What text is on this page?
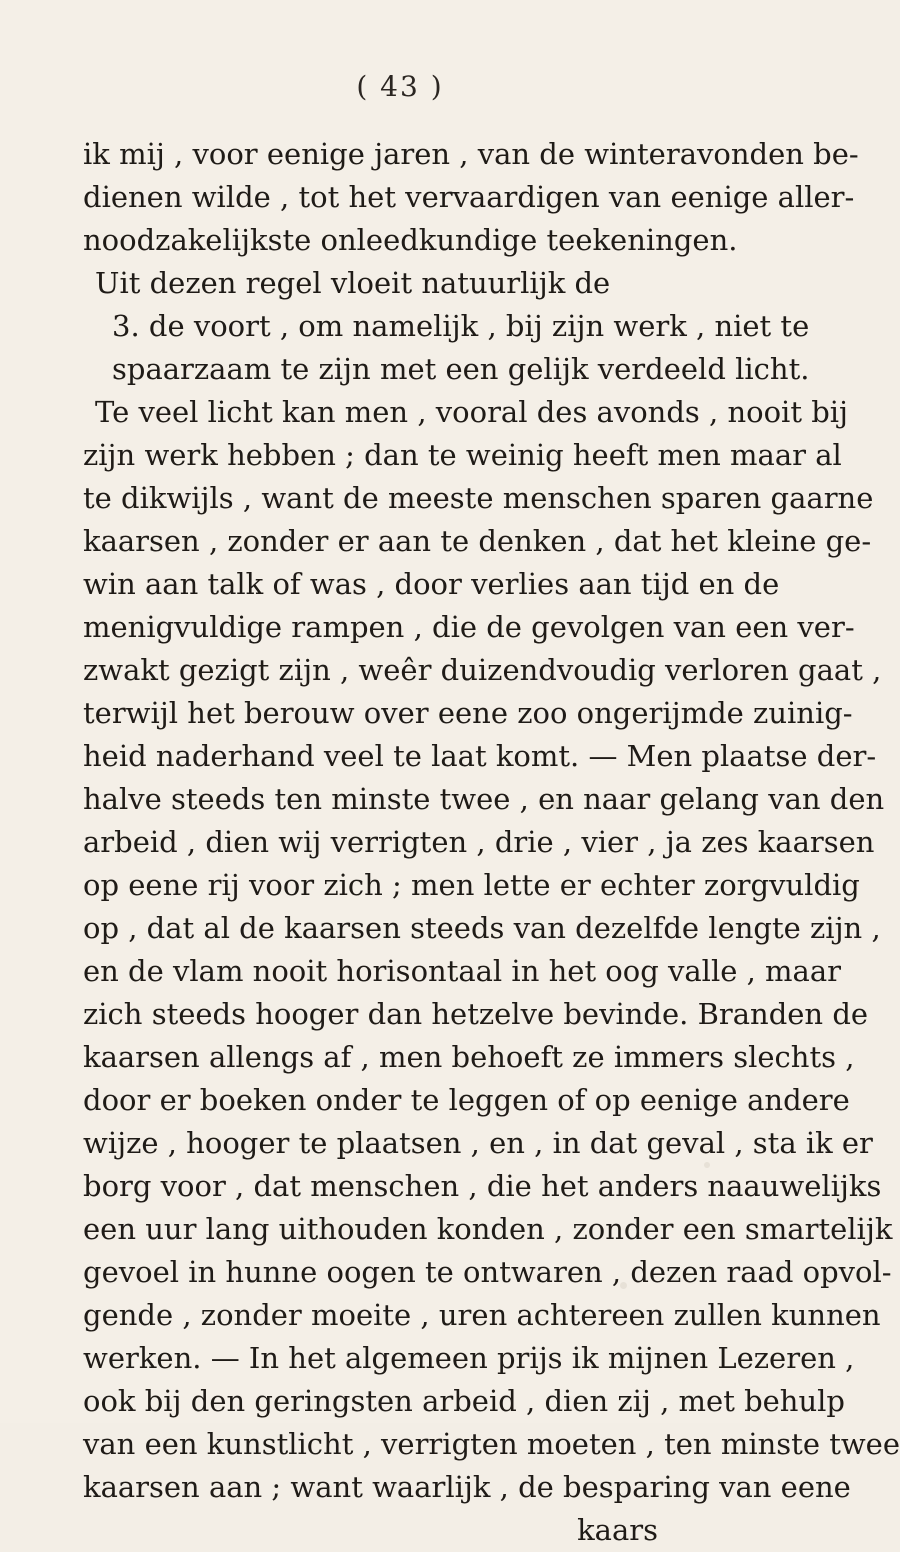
( 43 )
ik mij , voor eenige jaren , van de winteravonden be-
dienen wilde , tot het vervaardigen van eenige aller-
noodzakelijkste onleedkundige teekeningen.
Uit dezen regel vloeit natuurlijk de
3. de voort , om namelijk , bij zijn werk , niet te
spaarzaam te zijn met een gelijk verdeeld licht.
Te veel licht kan men , vooral des avonds , nooit bij
zijn werk hebben ; dan te weinig heeft men maar al
te dikwijls , want de meeste menschen sparen gaarne
kaarsen , zonder er aan te denken , dat het kleine ge-
win aan talk of was , door verlies aan tijd en de
menigvuldige rampen , die de gevolgen van een ver-
zwakt gezigt zijn , weêr duizendvoudig verloren gaat ,
terwijl het berouw over eene zoo ongerijmde zuinig-
heid naderhand veel te laat komt. — Men plaatse der-
halve steeds ten minste twee , en naar gelang van den
arbeid , dien wij verrigten , drie , vier , ja zes kaarsen
op eene rij voor zich ; men lette er echter zorgvuldig
op , dat al de kaarsen steeds van dezelfde lengte zijn ,
en de vlam nooit horisontaal in het oog valle , maar
zich steeds hooger dan hetzelve bevinde. Branden de
kaarsen allengs af , men behoeft ze immers slechts ,
door er boeken onder te leggen of op eenige andere
wijze , hooger te plaatsen , en , in dat geval , sta ik er
borg voor , dat menschen , die het anders naauwelijks
een uur lang uithouden konden , zonder een smartelijk
gevoel in hunne oogen te ontwaren , dezen raad opvol-
gende , zonder moeite , uren achtereen zullen kunnen
werken. — In het algemeen prijs ik mijnen Lezeren ,
ook bij den geringsten arbeid , dien zij , met behulp
van een kunstlicht , verrigten moeten , ten minste twee
kaarsen aan ; want waarlijk , de besparing van eene
kaars
